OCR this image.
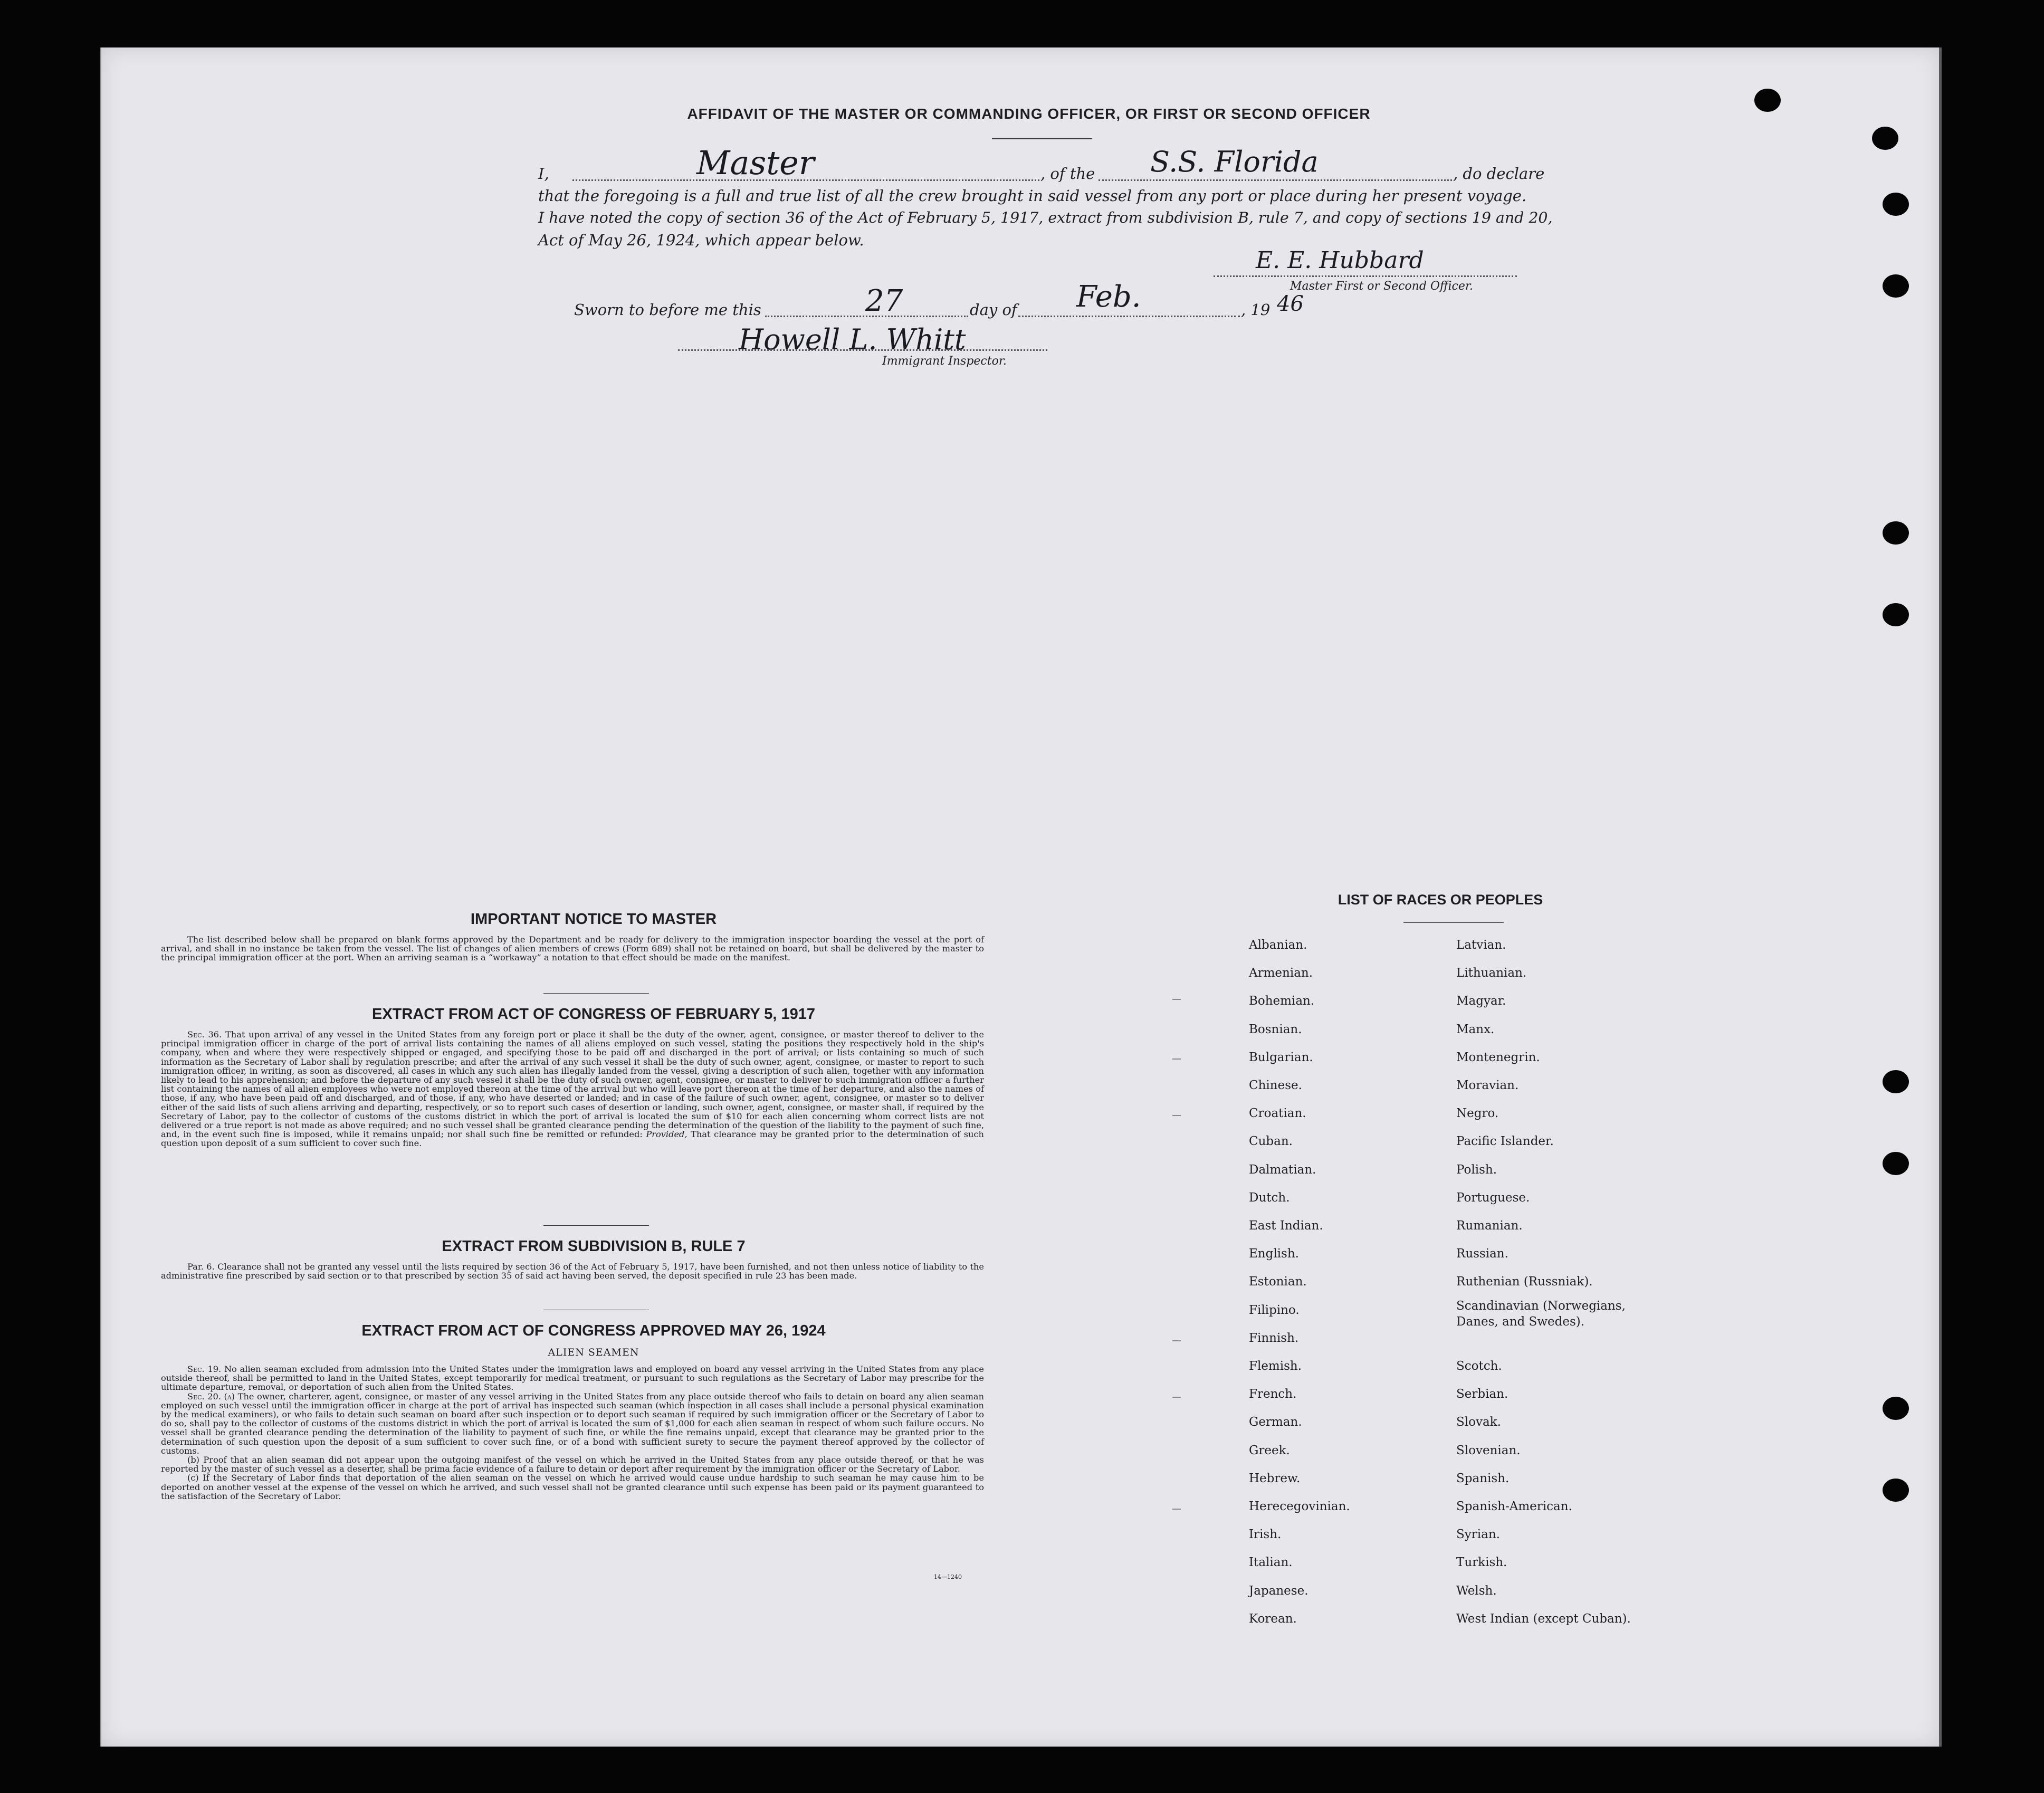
AFFIDAVIT OF THE MASTER OR COMMANDING OFFICER, OR FIRST OR SECOND OFFICER
I,	Master	, of the S.S. Florida	, do declare
that the foregoing is a full and true list of all the crew brought in said vessel from any port or place during her present voyage.
I have noted the copy of section 36 of the Act of February 5, 1917, extract from subdivision B, rule 7, and copy of sections 19 and 20,
Act of May 26, 1924, which appear below.
E. E. Hubbard
Master First or Second Officer.
Sworn to before me this	27	day of Feb.	, 19 46
Howell L. Whitt
Immigrant Inspector.
IMPORTANT NOTICE TO MASTER

The list described below shall be prepared on blank forms approved by the Department and be ready for delivery to the immigration inspector boarding the vessel at the port of arrival, and shall in no instance be taken from the vessel. The list of changes of alien members of crews (Form 689) shall not be retained on board, but shall be delivered by the master to the principal immigration officer at the port. When an arriving seaman is a “workaway” a notation to that effect should be made on the manifest.

EXTRACT FROM ACT OF CONGRESS OF FEBRUARY 5, 1917

Sec. 36. That upon arrival of any vessel in the United States from any foreign port or place it shall be the duty of the owner, agent, consignee, or master thereof to deliver to the principal immigration officer in charge of the port of arrival lists containing the names of all aliens employed on such vessel, stating the positions they respectively hold in the ship's company, when and where they were respectively shipped or engaged, and specifying those to be paid off and discharged in the port of arrival; or lists containing so much of such information as the Secretary of Labor shall by regulation prescribe; and after the arrival of any such vessel it shall be the duty of such owner, agent, consignee, or master to report to such immigration officer, in writing, as soon as discovered, all cases in which any such alien has illegally landed from the vessel, giving a description of such alien, together with any information likely to lead to his apprehension; and before the departure of any such vessel it shall be the duty of such owner, agent, consignee, or master to deliver to such immigration officer a further list containing the names of all alien employees who were not employed thereon at the time of the arrival but who will leave port thereon at the time of her departure, and also the names of those, if any, who have been paid off and discharged, and of those, if any, who have deserted or landed; and in case of the failure of such owner, agent, consignee, or master so to deliver either of the said lists of such aliens arriving and departing, respectively, or so to report such cases of desertion or landing, such owner, agent, consignee, or master shall, if required by the Secretary of Labor, pay to the collector of customs of the customs district in which the port of arrival is located the sum of $10 for each alien concerning whom correct lists are not delivered or a true report is not made as above required; and no such vessel shall be granted clearance pending the determination of the question of the liability to the payment of such fine, and, in the event such fine is imposed, while it remains unpaid; nor shall such fine be remitted or refunded: Provided, That clearance may be granted prior to the determination of such question upon deposit of a sum sufficient to cover such fine.

EXTRACT FROM SUBDIVISION B, RULE 7

Par. 6. Clearance shall not be granted any vessel until the lists required by section 36 of the Act of February 5, 1917, have been furnished, and not then unless notice of liability to the administrative fine prescribed by said section or to that prescribed by section 35 of said act having been served, the deposit specified in rule 23 has been made.

EXTRACT FROM ACT OF CONGRESS APPROVED MAY 26, 1924
ALIEN SEAMEN

Sec. 19. No alien seaman excluded from admission into the United States under the immigration laws and employed on board any vessel arriving in the United States from any place outside thereof, shall be permitted to land in the United States, except temporarily for medical treatment, or pursuant to such regulations as the Secretary of Labor may prescribe for the ultimate departure, removal, or deportation of such alien from the United States.

Sec. 20. (a) The owner, charterer, agent, consignee, or master of any vessel arriving in the United States from any place outside thereof who fails to detain on board any alien seaman employed on such vessel until the immigration officer in charge at the port of arrival has inspected such seaman (which inspection in all cases shall include a personal physical examination by the medical examiners), or who fails to detain such seaman on board after such inspection or to deport such seaman if required by such immigration officer or the Secretary of Labor to do so, shall pay to the collector of customs of the customs district in which the port of arrival is located the sum of $1,000 for each alien seaman in respect of whom such failure occurs. No vessel shall be granted clearance pending the determination of the liability to payment of such fine, or while the fine remains unpaid, except that clearance may be granted prior to the determination of such question upon the deposit of a sum sufficient to cover such fine, or of a bond with sufficient surety to secure the payment thereof approved by the collector of customs.

(b) Proof that an alien seaman did not appear upon the outgoing manifest of the vessel on which he arrived in the United States from any place outside thereof, or that he was reported by the master of such vessel as a deserter, shall be prima facie evidence of a failure to detain or deport after requirement by the immigration officer or the Secretary of Labor.

(c) If the Secretary of Labor finds that deportation of the alien seaman on the vessel on which he arrived would cause undue hardship to such seaman he may cause him to be deported on another vessel at the expense of the vessel on which he arrived, and such vessel shall not be granted clearance until such expense has been paid or its payment guaranteed to the satisfaction of the Secretary of Labor.

14—1240
LIST OF RACES OR PEOPLES
Albanian.
Armenian.
Bohemian.
Bosnian.
Bulgarian.
Chinese.
Croatian.
Cuban.
Dalmatian.
Dutch.
East Indian.
English.
Estonian.
Filipino.
Finnish.
Flemish.
French.
German.
Greek.
Hebrew.
Herecegovinian.
Irish.
Italian.
Japanese.
Korean.
Latvian.
Lithuanian.
Magyar.
Manx.
Montenegrin.
Moravian.
Negro.
Pacific Islander.
Polish.
Portuguese.
Rumanian.
Russian.
Ruthenian (Russniak).
Scandinavian (Norwegians, Danes, and Swedes).
Scotch.
Serbian.
Slovak.
Slovenian.
Spanish.
Spanish-American.
Syrian.
Turkish.
Welsh.
West Indian (except Cuban).
